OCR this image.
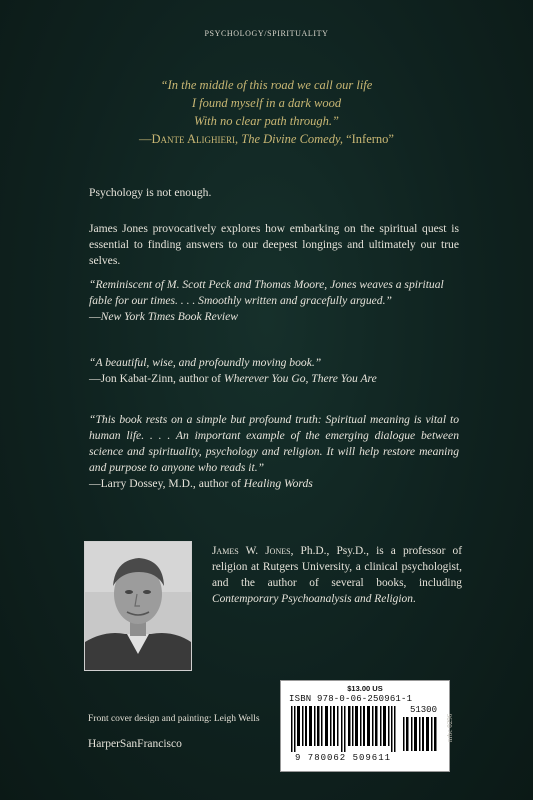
PSYCHOLOGY/SPIRITUALITY
“In the middle of this road we call our life
I found myself in a dark wood
With no clear path through.”
—Dante Alighieri, The Divine Comedy, “Inferno”
Psychology is not enough.
James Jones provocatively explores how embarking on the spiritual quest is essential to finding answers to our deepest longings and ultimately our true selves.
“Reminiscent of M. Scott Peck and Thomas Moore, Jones weaves a spiritual fable for our times. . . . Smoothly written and gracefully argued.”
—New York Times Book Review
“A beautiful, wise, and profoundly moving book.”
—Jon Kabat-Zinn, author of Wherever You Go, There You Are
“This book rests on a simple but profound truth: Spiritual meaning is vital to human life. . . . An important example of the emerging dialogue between science and spirituality, psychology and religion. It will help restore meaning and purpose to anyone who reads it.”
—Larry Dossey, M.D., author of Healing Words
James W. Jones, Ph.D., Psy.D., is a professor of religion at Rutgers University, a clinical psychologist, and the author of several books, including Contemporary Psychoanalysis and Religion.
Front cover design and painting: Leigh Wells
HarperSanFrancisco
$13.00 US
ISBN 978-0-06-250961-1
51300
9 780062 509611
nrbc 0296
